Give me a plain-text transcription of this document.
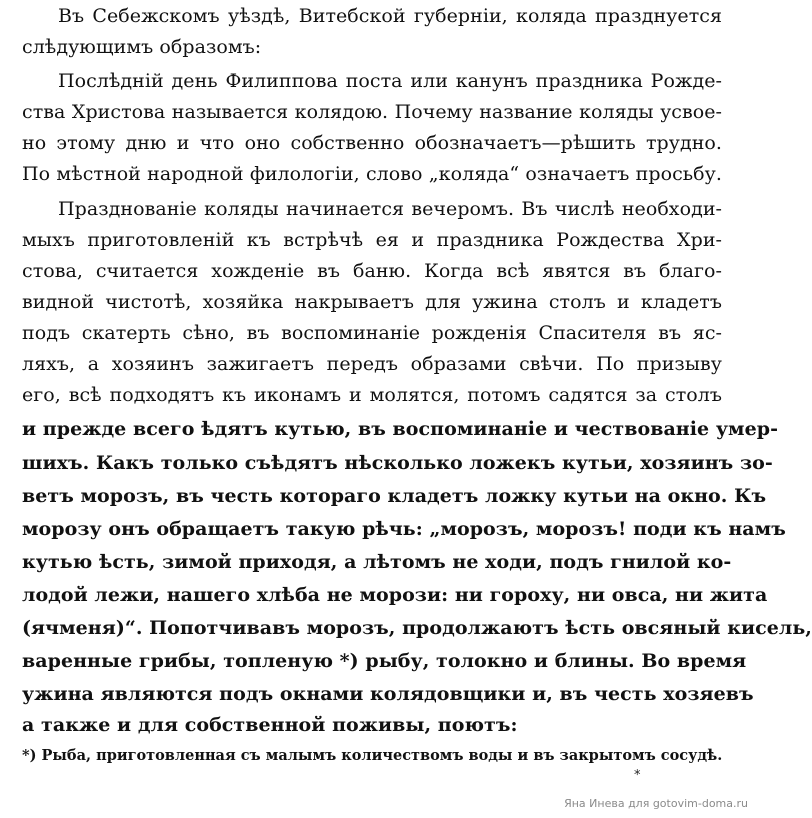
Въ Себежскомъ уѣздѣ, Витебской губерніи, коляда празднуется
слѣдующимъ образомъ:
Послѣдній день Филиппова поста или канунъ праздника Рожде-
ства Христова называется колядою. Почему название коляды усвое-
но этому дню и что оно собственно обозначаетъ—рѣшить трудно.
По мѣстной народной филологіи, слово „коляда“ означаетъ просьбу.
Празднованіе коляды начинается вечеромъ. Въ числѣ необходи-
мыхъ приготовленій къ встрѣчѣ ея и праздника Рождества Хри-
стова, считается хожденіе въ баню. Когда всѣ явятся въ благо-
видной чистотѣ, хозяйка накрываетъ для ужина столъ и кладетъ
подъ скатерть сѣно, въ воспоминаніе рожденія Спасителя въ яс-
ляхъ, а хозяинъ зажигаетъ передъ образами свѣчи. По призыву
его, всѣ подходятъ къ иконамъ и молятся, потомъ садятся за столъ
и прежде всего ѣдятъ кутью, въ воспоминаніе и чествованіе умер-
шихъ. Какъ только съѣдятъ нѣсколько ложекъ кутьи, хозяинъ зо-
ветъ морозъ, въ честь котораго кладетъ ложку кутьи на окно. Къ
морозу онъ обращаетъ такую рѣчь: „морозъ, морозъ! поди къ намъ
кутью ѣсть, зимой приходя, а лѣтомъ не ходи, подъ гнилой ко-
лодой лежи, нашего хлѣба не морози: ни гороху, ни овса, ни жита
(ячменя)“. Попотчивавъ морозъ, продолжаютъ ѣсть овсяный кисель,
варенные грибы, топленую *) рыбу, толокно и блины. Во время
ужина являются подъ окнами колядовщики и, въ честь хозяевъ
а также и для собственной поживы, поютъ:
*) Рыба, приготовленная съ малымъ количествомъ воды и въ закрытомъ сосудѣ.
*
Яна Инева для gotovim-doma.ru
